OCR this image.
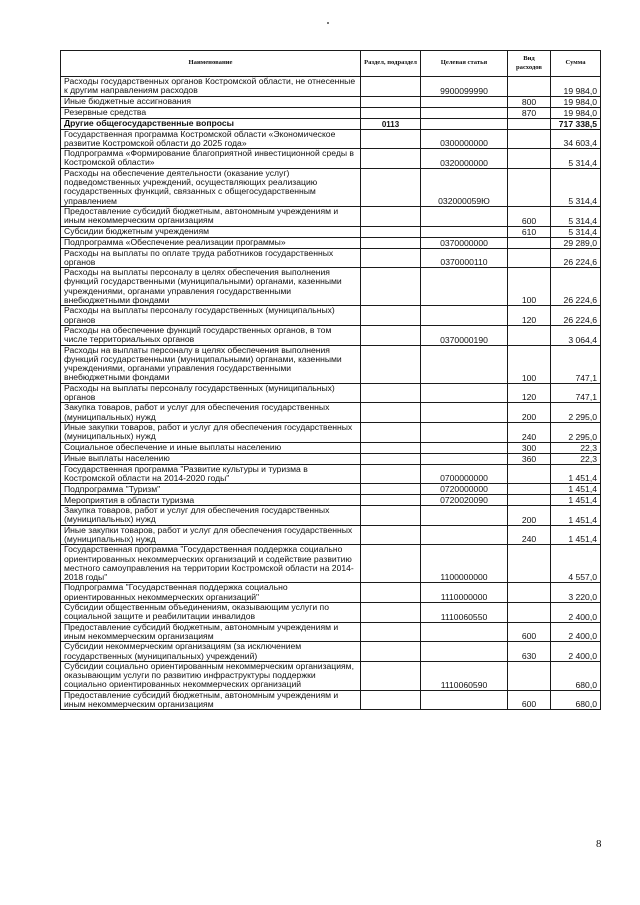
Наименование	Раздел, подраздел	Целевая статья	Вид расходов	Сумма
Расходы государственных органов Костромской области, не отнесенные к другим направлениям расходов		9900099990		19 984,0
Иные бюджетные ассигнования			800	19 984,0
Резервные средства			870	19 984,0
Другие общегосударственные вопросы	0113			717 338,5
Государственная программа Костромской области «Экономическое развитие Костромской области до 2025 года»		0300000000		34 603,4
Подпрограмма «Формирование благоприятной инвестиционной среды в Костромской области»		0320000000		5 314,4
Расходы на обеспечение деятельности (оказание услуг) подведомственных учреждений, осуществляющих реализацию государственных функций, связанных с общегосударственным управлением		032000059Ю		5 314,4
Предоставление субсидий бюджетным, автономным учреждениям и иным некоммерческим организациям			600	5 314,4
Субсидии бюджетным учреждениям			610	5 314,4
Подпрограмма «Обеспечение реализации программы»		0370000000		29 289,0
Расходы на выплаты по оплате труда работников государственных органов		0370000110		26 224,6
Расходы на выплаты персоналу в целях обеспечения выполнения функций государственными (муниципальными) органами, казенными учреждениями, органами управления государственными внебюджетными фондами			100	26 224,6
Расходы на выплаты персоналу государственных (муниципальных) органов			120	26 224,6
Расходы на обеспечение функций государственных органов, в том числе территориальных органов		0370000190		3 064,4
Расходы на выплаты персоналу в целях обеспечения выполнения функций государственными (муниципальными) органами, казенными учреждениями, органами управления государственными внебюджетными фондами			100	747,1
Расходы на выплаты персоналу государственных (муниципальных) органов			120	747,1
Закупка товаров, работ и услуг для обеспечения государственных (муниципальных) нужд			200	2 295,0
Иные закупки товаров, работ и услуг для обеспечения государственных (муниципальных) нужд			240	2 295,0
Социальное обеспечение и иные выплаты населению			300	22,3
Иные выплаты населению			360	22,3
Государственная программа "Развитие культуры и туризма в Костромской области на 2014-2020 годы"		0700000000		1 451,4
Подпрограмма "Туризм"		0720000000		1 451,4
Мероприятия в области туризма		0720020090		1 451,4
Закупка товаров, работ и услуг для обеспечения государственных (муниципальных) нужд			200	1 451,4
Иные закупки товаров, работ и услуг для обеспечения государственных (муниципальных) нужд			240	1 451,4
Государственная программа "Государственная поддержка социально ориентированных некоммерческих организаций и содействие развитию местного самоуправления на территории Костромской области на 2014-2018 годы"		1100000000		4 557,0
Подпрограмма "Государственная поддержка социально ориентированных некоммерческих организаций"		1110000000		3 220,0
Субсидии общественным объединениям, оказывающим услуги по социальной защите и реабилитации инвалидов		1110060550		2 400,0
Предоставление субсидий бюджетным, автономным учреждениям и иным некоммерческим организациям			600	2 400,0
Субсидии некоммерческим организациям (за исключением государственных (муниципальных) учреждений)			630	2 400,0
Субсидии социально ориентированным некоммерческим организациям, оказывающим услуги по развитию инфраструктуры поддержки социально ориентированных некоммерческих организаций		1110060590		680,0
Предоставление субсидий бюджетным, автономным учреждениям и иным некоммерческим организациям			600	680,0
8
